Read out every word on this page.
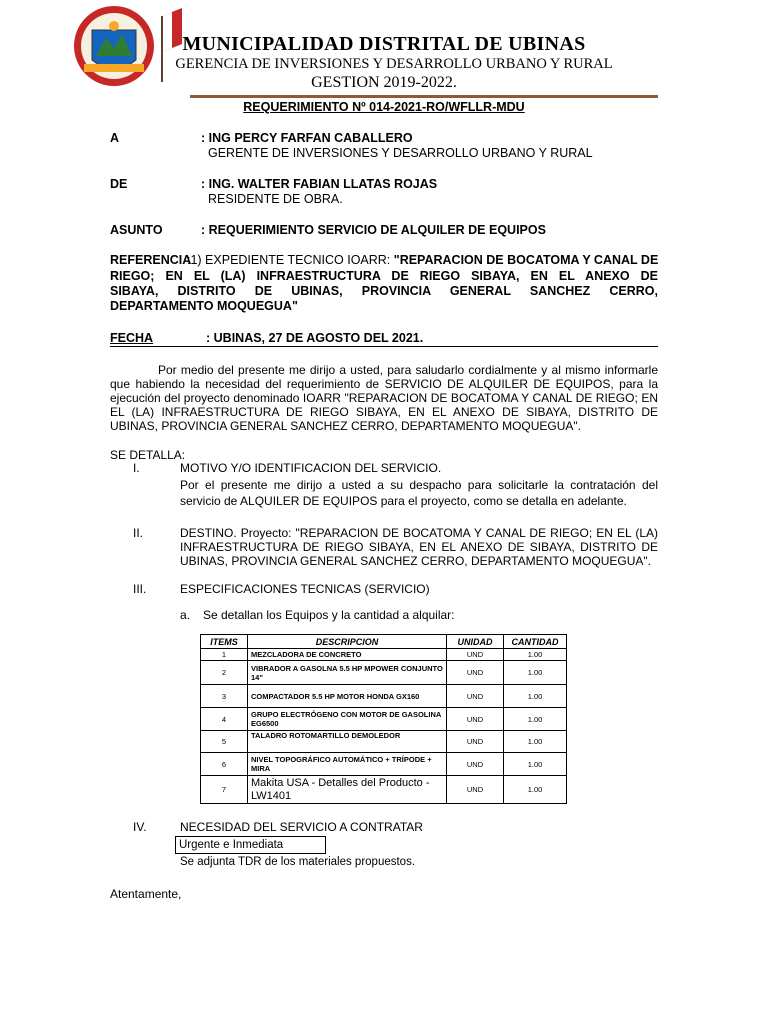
MUNICIPALIDAD DISTRITAL DE UBINAS
GERENCIA DE INVERSIONES Y DESARROLLO URBANO Y RURAL
GESTION 2019-2022.
REQUERIMIENTO Nº 014-2021-RO/WFLLR-MDU
A	: ING PERCY FARFAN CABALLERO
GERENTE DE INVERSIONES Y DESARROLLO URBANO Y RURAL
DE	: ING. WALTER FABIAN LLATAS ROJAS
RESIDENTE DE OBRA.
ASUNTO	: REQUERIMIENTO SERVICIO DE ALQUILER DE EQUIPOS
REFERENCIA
:1) EXPEDIENTE TECNICO IOARR: "REPARACION DE BOCATOMA Y CANAL DE
RIEGO; EN EL (LA) INFRAESTRUCTURA DE RIEGO SIBAYA, EN EL ANEXO DE
SIBAYA, DISTRITO DE UBINAS, PROVINCIA GENERAL SANCHEZ CERRO,
DEPARTAMENTO MOQUEGUA"
FECHA	: UBINAS, 27 DE AGOSTO DEL 2021.
Por medio del presente me dirijo a usted, para saludarlo cordialmente y al mismo informarle que habiendo la necesidad del requerimiento de SERVICIO DE ALQUILER DE EQUIPOS, para la ejecución del proyecto denominado IOARR "REPARACION DE BOCATOMA Y CANAL DE RIEGO; EN EL (LA) INFRAESTRUCTURA DE RIEGO SIBAYA, EN EL ANEXO DE SIBAYA, DISTRITO DE UBINAS, PROVINCIA GENERAL SANCHEZ CERRO, DEPARTAMENTO MOQUEGUA".
SE DETALLA:
I.	MOTIVO Y/O IDENTIFICACION DEL SERVICIO.
Por el presente me dirijo a usted a su despacho para solicitarle la contratación del servicio de ALQUILER DE EQUIPOS para el proyecto, como se detalla en adelante.
II.	DESTINO. Proyecto: "REPARACION DE BOCATOMA Y CANAL DE RIEGO; EN EL (LA) INFRAESTRUCTURA DE RIEGO SIBAYA, EN EL ANEXO DE SIBAYA, DISTRITO DE UBINAS, PROVINCIA GENERAL SANCHEZ CERRO, DEPARTAMENTO MOQUEGUA".
III.	ESPECIFICACIONES TECNICAS (SERVICIO)
a. Se detallan los Equipos y la cantidad a alquilar:
ITEMS	DESCRIPCION	UNIDAD	CANTIDAD
1	MEZCLADORA DE CONCRETO	UND	1.00
2	VIBRADOR A GASOLNA 5.5 HP MPOWER CONJUNTO 14"	UND	1.00
3	COMPACTADOR 5.5 HP MOTOR HONDA GX160	UND	1.00
4	GRUPO ELECTRÓGENO CON MOTOR DE GASOLINA EG6500	UND	1.00
5	TALADRO ROTOMARTILLO DEMOLEDOR	UND	1.00
6	NIVEL TOPOGRÁFICO AUTOMÁTICO + TRÍPODE + MIRA	UND	1.00
7	Makita USA - Detalles del Producto - LW1401	UND	1.00
IV.	NECESIDAD DEL SERVICIO A CONTRATAR
Urgente e Inmediata
Se adjunta TDR de los materiales propuestos.
Atentamente,
